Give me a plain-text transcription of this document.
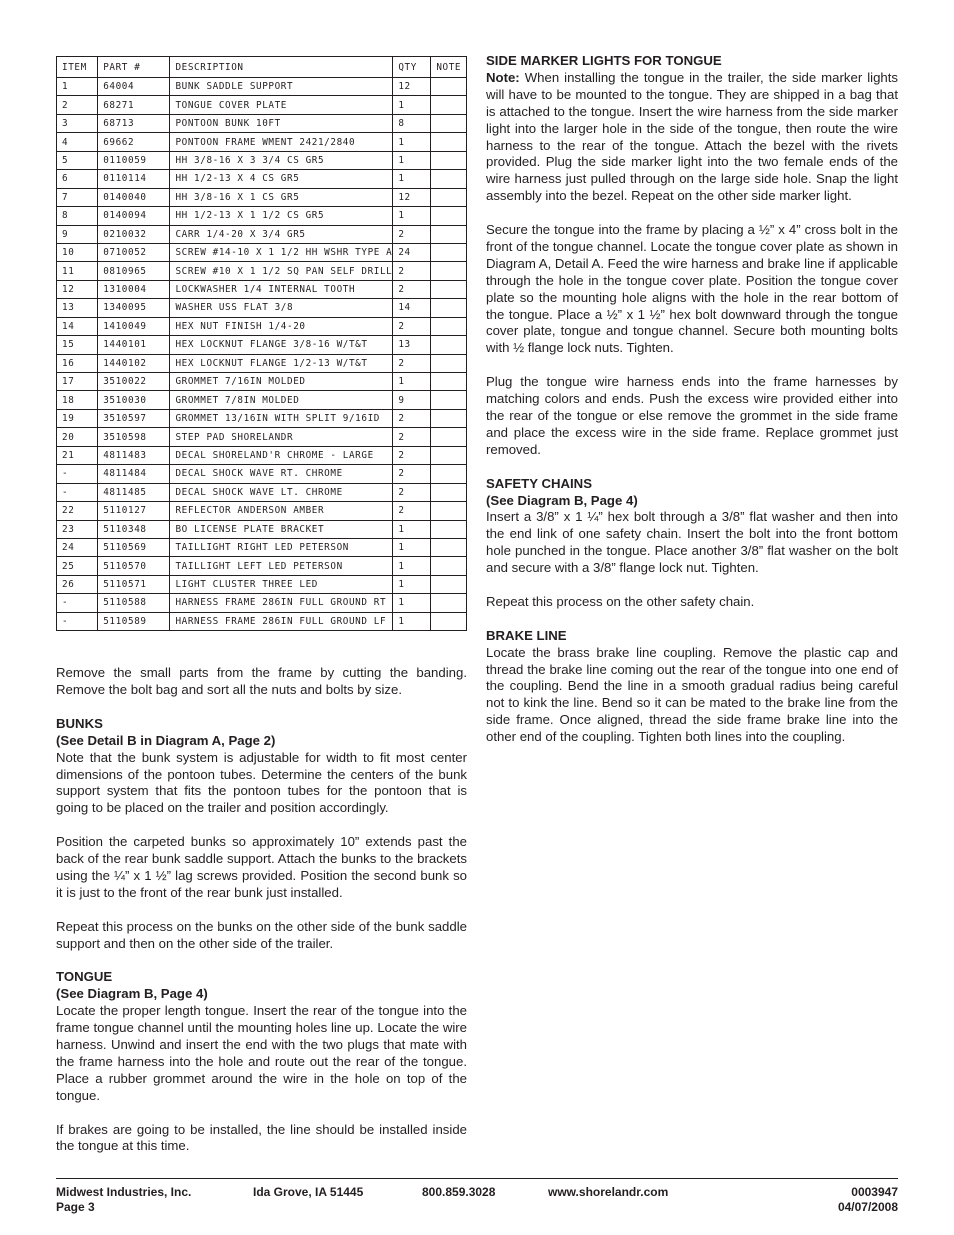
ITEM	PART #	DESCRIPTION	QTY	NOTE
1	64004	BUNK SADDLE SUPPORT	12	
2	68271	TONGUE COVER PLATE	1	
3	68713	PONTOON BUNK 10FT	8	
4	69662	PONTOON FRAME WMENT 2421/2840	1	
5	0110059	HH 3/8-16 X 3 3/4 CS GR5	1	
6	0110114	HH 1/2-13 X 4 CS GR5	1	
7	0140040	HH 3/8-16 X 1 CS GR5	12	
8	0140094	HH 1/2-13 X 1 1/2 CS GR5	1	
9	0210032	CARR 1/4-20 X 3/4 GR5	2	
10	0710052	SCREW #14-10 X 1 1/2 HH WSHR TYPE A	24	
11	0810965	SCREW #10 X 1 1/2 SQ PAN SELF DRILL	2	
12	1310004	LOCKWASHER 1/4 INTERNAL TOOTH	2	
13	1340095	WASHER USS FLAT 3/8	14	
14	1410049	HEX NUT FINISH 1/4-20	2	
15	1440101	HEX LOCKNUT FLANGE 3/8-16 W/T&T	13	
16	1440102	HEX LOCKNUT FLANGE 1/2-13 W/T&T	2	
17	3510022	GROMMET 7/16IN MOLDED	1	
18	3510030	GROMMET 7/8IN MOLDED	9	
19	3510597	GROMMET 13/16IN WITH SPLIT 9/16ID	2	
20	3510598	STEP PAD SHORELANDR	2	
21	4811483	DECAL SHORELAND'R CHROME - LARGE	2	
-	4811484	DECAL SHOCK WAVE RT. CHROME	2	
-	4811485	DECAL SHOCK WAVE LT. CHROME	2	
22	5110127	REFLECTOR ANDERSON AMBER	2	
23	5110348	BO LICENSE PLATE BRACKET	1	
24	5110569	TAILLIGHT RIGHT LED PETERSON	1	
25	5110570	TAILLIGHT LEFT LED PETERSON	1	
26	5110571	LIGHT CLUSTER THREE LED	1	
-	5110588	HARNESS FRAME 286IN FULL GROUND RT	1	
-	5110589	HARNESS FRAME 286IN FULL GROUND LF	1	

Remove the small parts from the frame by cutting the banding. Remove the bolt bag and sort all the nuts and bolts by size.

BUNKS
(See Detail B in Diagram A, Page 2)

Note that the bunk system is adjustable for width to fit most center dimensions of the pontoon tubes. Determine the centers of the bunk support system that fits the pontoon tubes for the pontoon that is going to be placed on the trailer and position accordingly.

Position the carpeted bunks so approximately 10” extends past the back of the rear bunk saddle support. Attach the bunks to the brackets using the ¼” x 1 ½” lag screws provided. Position the second bunk so it is just to the front of the rear bunk just installed.

Repeat this process on the bunks on the other side of the bunk saddle support and then on the other side of the trailer.

TONGUE
(See Diagram B, Page 4)

Locate the proper length tongue. Insert the rear of the tongue into the frame tongue channel until the mounting holes line up. Locate the wire harness. Unwind and insert the end with the two plugs that mate with the frame harness into the hole and route out the rear of the tongue. Place a rubber grommet around the wire in the hole on top of the tongue.

If brakes are going to be installed, the line should be installed inside the tongue at this time.

SIDE MARKER LIGHTS FOR TONGUE

Note: When installing the tongue in the trailer, the side marker lights will have to be mounted to the tongue. They are shipped in a bag that is attached to the tongue. Insert the wire harness from the side marker light into the larger hole in the side of the tongue, then route the wire harness to the rear of the tongue. Attach the bezel with the rivets provided. Plug the side marker light into the two female ends of the wire harness just pulled through on the large side hole. Snap the light assembly into the bezel. Repeat on the other side marker light.

Secure the tongue into the frame by placing a ½” x 4” cross bolt in the front of the tongue channel. Locate the tongue cover plate as shown in Diagram A, Detail A. Feed the wire harness and brake line if applicable through the hole in the tongue cover plate. Position the tongue cover plate so the mounting hole aligns with the hole in the rear bottom of the tongue. Place a ½” x 1 ½” hex bolt downward through the tongue cover plate, tongue and tongue channel. Secure both mounting bolts with ½ flange lock nuts. Tighten.

Plug the tongue wire harness ends into the frame harnesses by matching colors and ends. Push the excess wire provided either into the rear of the tongue or else remove the grommet in the side frame and place the excess wire in the side frame. Replace grommet just removed.

SAFETY CHAINS
(See Diagram B, Page 4)

Insert a 3/8” x 1 ¼” hex bolt through a 3/8” flat washer and then into the end link of one safety chain. Insert the bolt into the front bottom hole punched in the tongue. Place another 3/8” flat washer on the bolt and secure with a 3/8” flange lock nut. Tighten.

Repeat this process on the other safety chain.

BRAKE LINE

Locate the brass brake line coupling. Remove the plastic cap and thread the brake line coming out the rear of the tongue into one end of the coupling. Bend the line in a smooth gradual radius being careful not to kink the line. Bend so it can be mated to the brake line from the side frame. Once aligned, thread the side frame brake line into the other end of the coupling. Tighten both lines into the coupling.

Midwest Industries, Inc.
Page 3
Ida Grove, IA 51445	800.859.3028	www.shorelandr.com	0003947
04/07/2008
